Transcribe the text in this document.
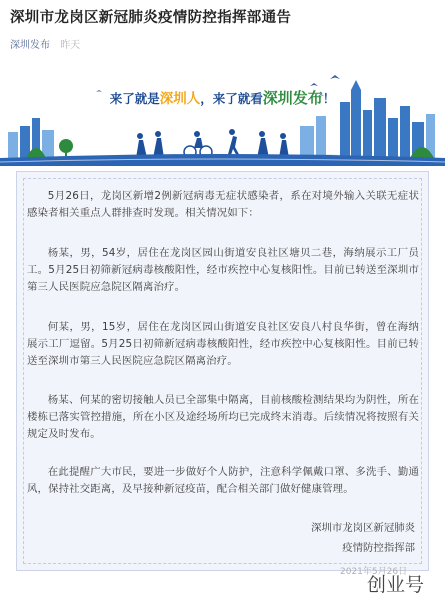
深圳市龙岗区新冠肺炎疫情防控指挥部通告
深圳发布 昨天
来了就是深圳人，来了就看深圳发布！
5月26日，龙岗区新增2例新冠病毒无症状感染者，系在对境外输入关联无症状感染者相关重点人群排查时发现。相关情况如下：
杨某，男，54岁，居住在龙岗区园山街道安良社区塘贝二巷，海纳展示工厂员工。5月25日初筛新冠病毒核酸阳性，经市疾控中心复核阳性。目前已转送至深圳市第三人民医院应急院区隔离治疗。
何某，男，15岁，居住在龙岗区园山街道安良社区安良八村良华街，曾在海纳展示工厂逗留。5月25日初筛新冠病毒核酸阳性，经市疾控中心复核阳性。目前已转送至深圳市第三人民医院应急院区隔离治疗。
杨某、何某的密切接触人员已全部集中隔离，目前核酸检测结果均为阴性，所在楼栋已落实管控措施，所在小区及途经场所均已完成终末消毒。后续情况将按照有关规定及时发布。
在此提醒广大市民，要进一步做好个人防护，注意科学佩戴口罩、多洗手、勤通风，保持社交距离，及早接种新冠疫苗，配合相关部门做好健康管理。
深圳市龙岗区新冠肺炎
疫情防控指挥部
2021年5月26日
创业号
